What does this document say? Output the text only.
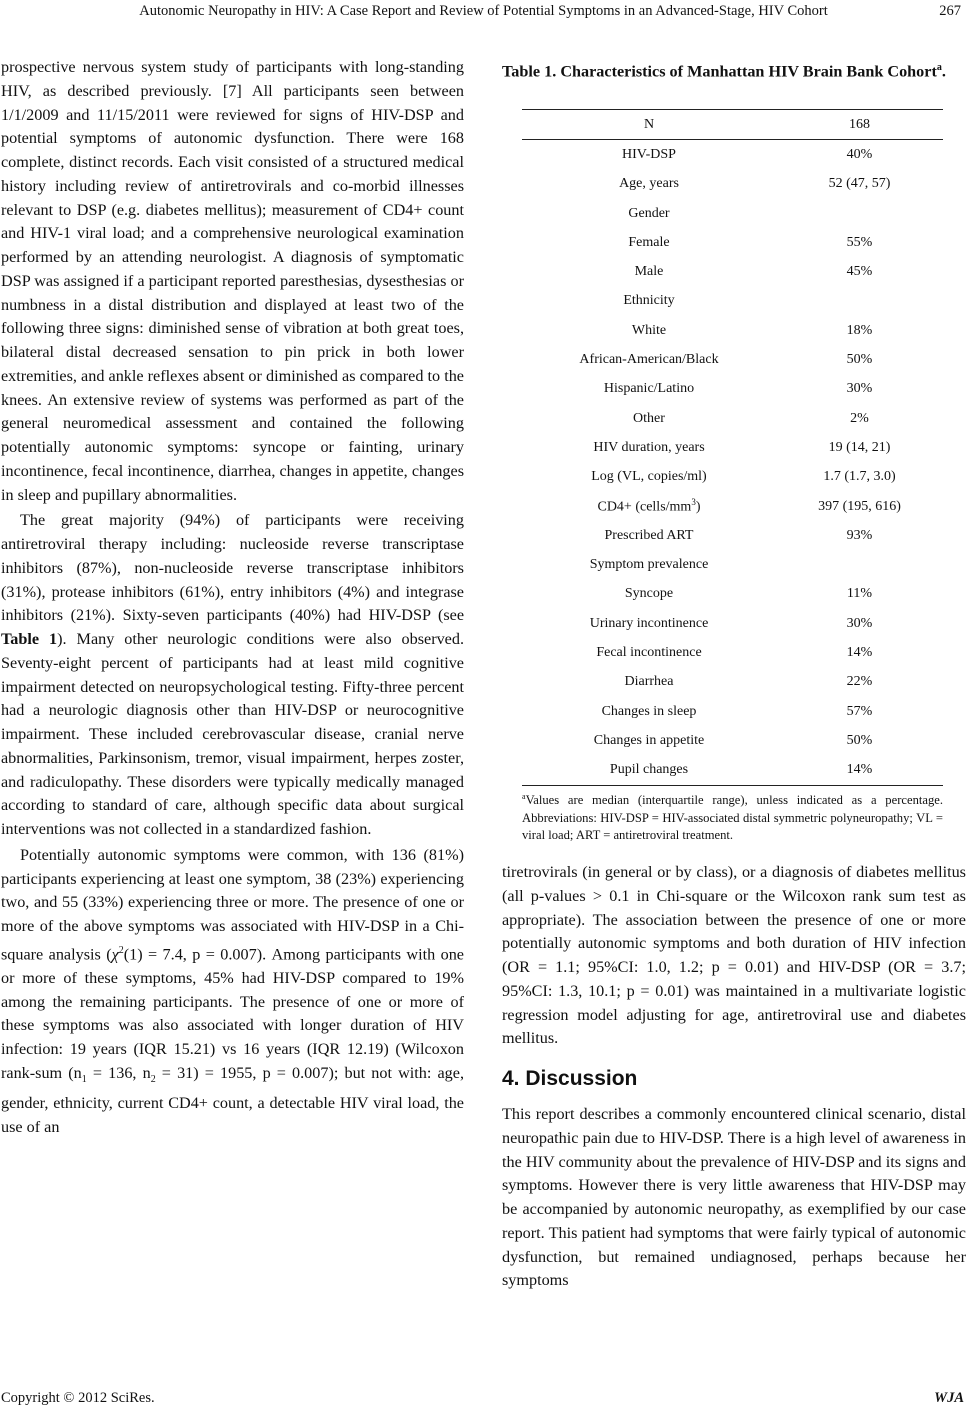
Autonomic Neuropathy in HIV: A Case Report and Review of Potential Symptoms in an Advanced-Stage, HIV Cohort	267

prospective nervous system study of participants with long-standing HIV, as described previously. [7] All participants seen between 1/1/2009 and 11/15/2011 were reviewed for signs of HIV-DSP and potential symptoms of autonomic dysfunction. There were 168 complete, distinct records. Each visit consisted of a structured medical history including review of antiretrovirals and co-morbid illnesses relevant to DSP (e.g. diabetes mellitus); measurement of CD4+ count and HIV-1 viral load; and a comprehensive neurological examination performed by an attending neurologist. A diagnosis of symptomatic DSP was assigned if a participant reported paresthesias, dysesthesias or numbness in a distal distribution and displayed at least two of the following three signs: diminished sense of vibration at both great toes, bilateral distal decreased sensation to pin prick in both lower extremities, and ankle reflexes absent or diminished as compared to the knees. An extensive review of systems was performed as part of the general neuromedical assessment and contained the following potentially autonomic symptoms: syncope or fainting, urinary incontinence, fecal incontinence, diarrhea, changes in appetite, changes in sleep and pupillary abnormalities.

The great majority (94%) of participants were receiving antiretroviral therapy including: nucleoside reverse transcriptase inhibitors (87%), non-nucleoside reverse transcriptase inhibitors (31%), protease inhibitors (61%), entry inhibitors (4%) and integrase inhibitors (21%). Sixty-seven participants (40%) had HIV-DSP (see Table 1). Many other neurologic conditions were also observed. Seventy-eight percent of participants had at least mild cognitive impairment detected on neuropsychological testing. Fifty-three percent had a neurologic diagnosis other than HIV-DSP or neurocognitive impairment. These included cerebrovascular disease, cranial nerve abnormalities, Parkinsonism, tremor, visual impairment, herpes zoster, and radiculopathy. These disorders were typically medically managed according to standard of care, although specific data about surgical interventions was not collected in a standardized fashion.

Potentially autonomic symptoms were common, with 136 (81%) participants experiencing at least one symptom, 38 (23%) experiencing two, and 55 (33%) experiencing three or more. The presence of one or more of the above symptoms was associated with HIV-DSP in a Chi-square analysis ($\chi^2(1) = 7.4$, p = 0.007). Among participants with one or more of these symptoms, 45% had HIV-DSP compared to 19% among the remaining participants. The presence of one or more of these symptoms was also associated with longer duration of HIV infection: 19 years (IQR 15.21) vs 16 years (IQR 12.19) (Wilcoxon rank-sum ($n_1 = 136$, $n_2 = 31) = 1955$, p = 0.007); but not with: age, gender, ethnicity, current CD4+ count, a detectable HIV viral load, the use of an

Table 1. Characteristics of Manhattan HIV Brain Bank Cohort$^a$.
N	168
HIV-DSP	40%
Age, years	52 (47, 57)
Gender	
Female	55%
Male	45%
Ethnicity	
White	18%
African-American/Black	50%
Hispanic/Latino	30%
Other	2%
HIV duration, years	19 (14, 21)
Log (VL, copies/ml)	1.7 (1.7, 3.0)
$CD4+ (cells/mm^3)$	397 (195, 616)
Prescribed ART	93%
Symptom prevalence	
Syncope	11%
Urinary incontinence	30%
Fecal incontinence	14%
Diarrhea	22%
Changes in sleep	57%
Changes in appetite	50%
Pupil changes	14%
$^a$Values are median (interquartile range), unless indicated as a percentage. Abbreviations: HIV-DSP = HIV-associated distal symmetric polyneuropathy; VL = viral load; ART = antiretroviral treatment.

tiretrovirals (in general or by class), or a diagnosis of diabetes mellitus (all p-values > 0.1 in Chi-square or the Wilcoxon rank sum test as appropriate). The association between the presence of one or more potentially autonomic symptoms and both duration of HIV infection (OR = 1.1; 95%CI: 1.0, 1.2; p = 0.01) and HIV-DSP (OR = 3.7; 95%CI: 1.3, 10.1; p = 0.01) was maintained in a multivariate logistic regression model adjusting for age, antiretroviral use and diabetes mellitus.

4. Discussion

This report describes a commonly encountered clinical scenario, distal neuropathic pain due to HIV-DSP. There is a high level of awareness in the HIV community about the prevalence of HIV-DSP and its signs and symptoms. However there is very little awareness that HIV-DSP may be accompanied by autonomic neuropathy, as exemplified by our case report. This patient had symptoms that were fairly typical of autonomic dysfunction, but remained undiagnosed, perhaps because her symptoms

Copyright © 2012 SciRes.	WJA
